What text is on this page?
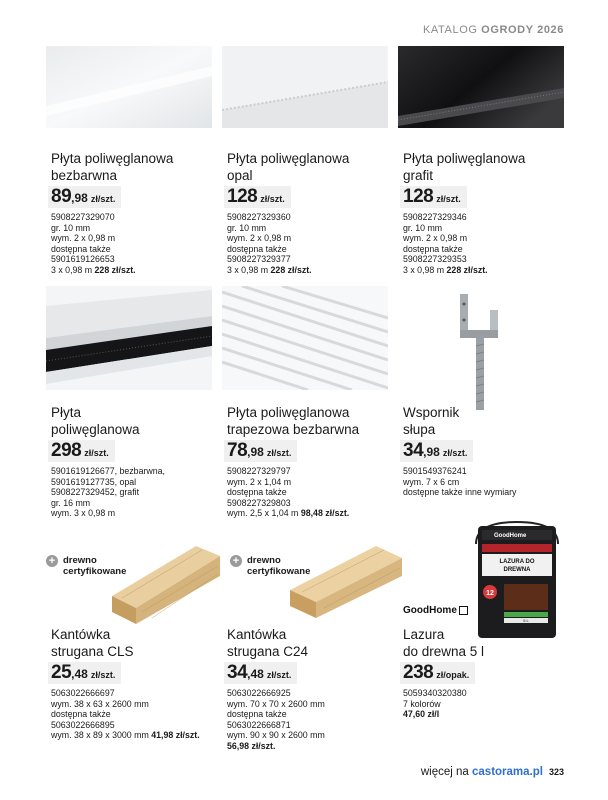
KATALOG OGRODY 2026
Płyta poliwęglanowa
bezbarwna
89 ,98 zł/szt.
5908227329070
gr. 10 mm
wym. 2 x 0,98 m
dostępna także
5901619126653
3 x 0,98 m 228 zł/szt.
Płyta poliwęglanowa
opal
128 zł/szt.
5908227329360
gr. 10 mm
wym. 2 x 0,98 m
dostępna także
5908227329377
3 x 0,98 m 228 zł/szt.
Płyta poliwęglanowa
grafit
128 zł/szt.
5908227329346
gr. 10 mm
wym. 2 x 0,98 m
dostępna także
5908227329353
3 x 0,98 m 228 zł/szt.
Płyta
poliwęglanowa
298 zł/szt.
5901619126677, bezbarwna,
5901619127735, opal
5908227329452, grafit
gr. 16 mm
wym. 3 x 0,98 m
Płyta poliwęglanowa
trapezowa bezbarwna
78 ,98 zł/szt.
5908227329797
wym. 2 x 1,04 m
dostępna także
5908227329803
wym. 2,5 x 1,04 m 98,48 zł/szt.
Wspornik
słupa
34 ,98 zł/szt.
5901549376241
wym. 7 x 6 cm
dostępne także inne wymiary
+ drewno
certyfikowane
+ drewno
certyfikowane
GoodHome
LAZURA DO
DREWNA
12
5 L
GoodHome
Kantówka
strugana CLS
25 ,48 zł/szt.
5063022666697
wym. 38 x 63 x 2600 mm
dostępna także
5063022666895
wym. 38 x 89 x 3000 mm 41,98 zł/szt.
Kantówka
strugana C24
34 ,48 zł/szt.
5063022666925
wym. 70 x 70 x 2600 mm
dostępna także
5063022666871
wym. 90 x 90 x 2600 mm
56,98 zł/szt.
Lazura
do drewna 5 l
238 zł/opak.
5059340320380
7 kolorów
47,60 zł/l
więcej na castorama.pl 323
